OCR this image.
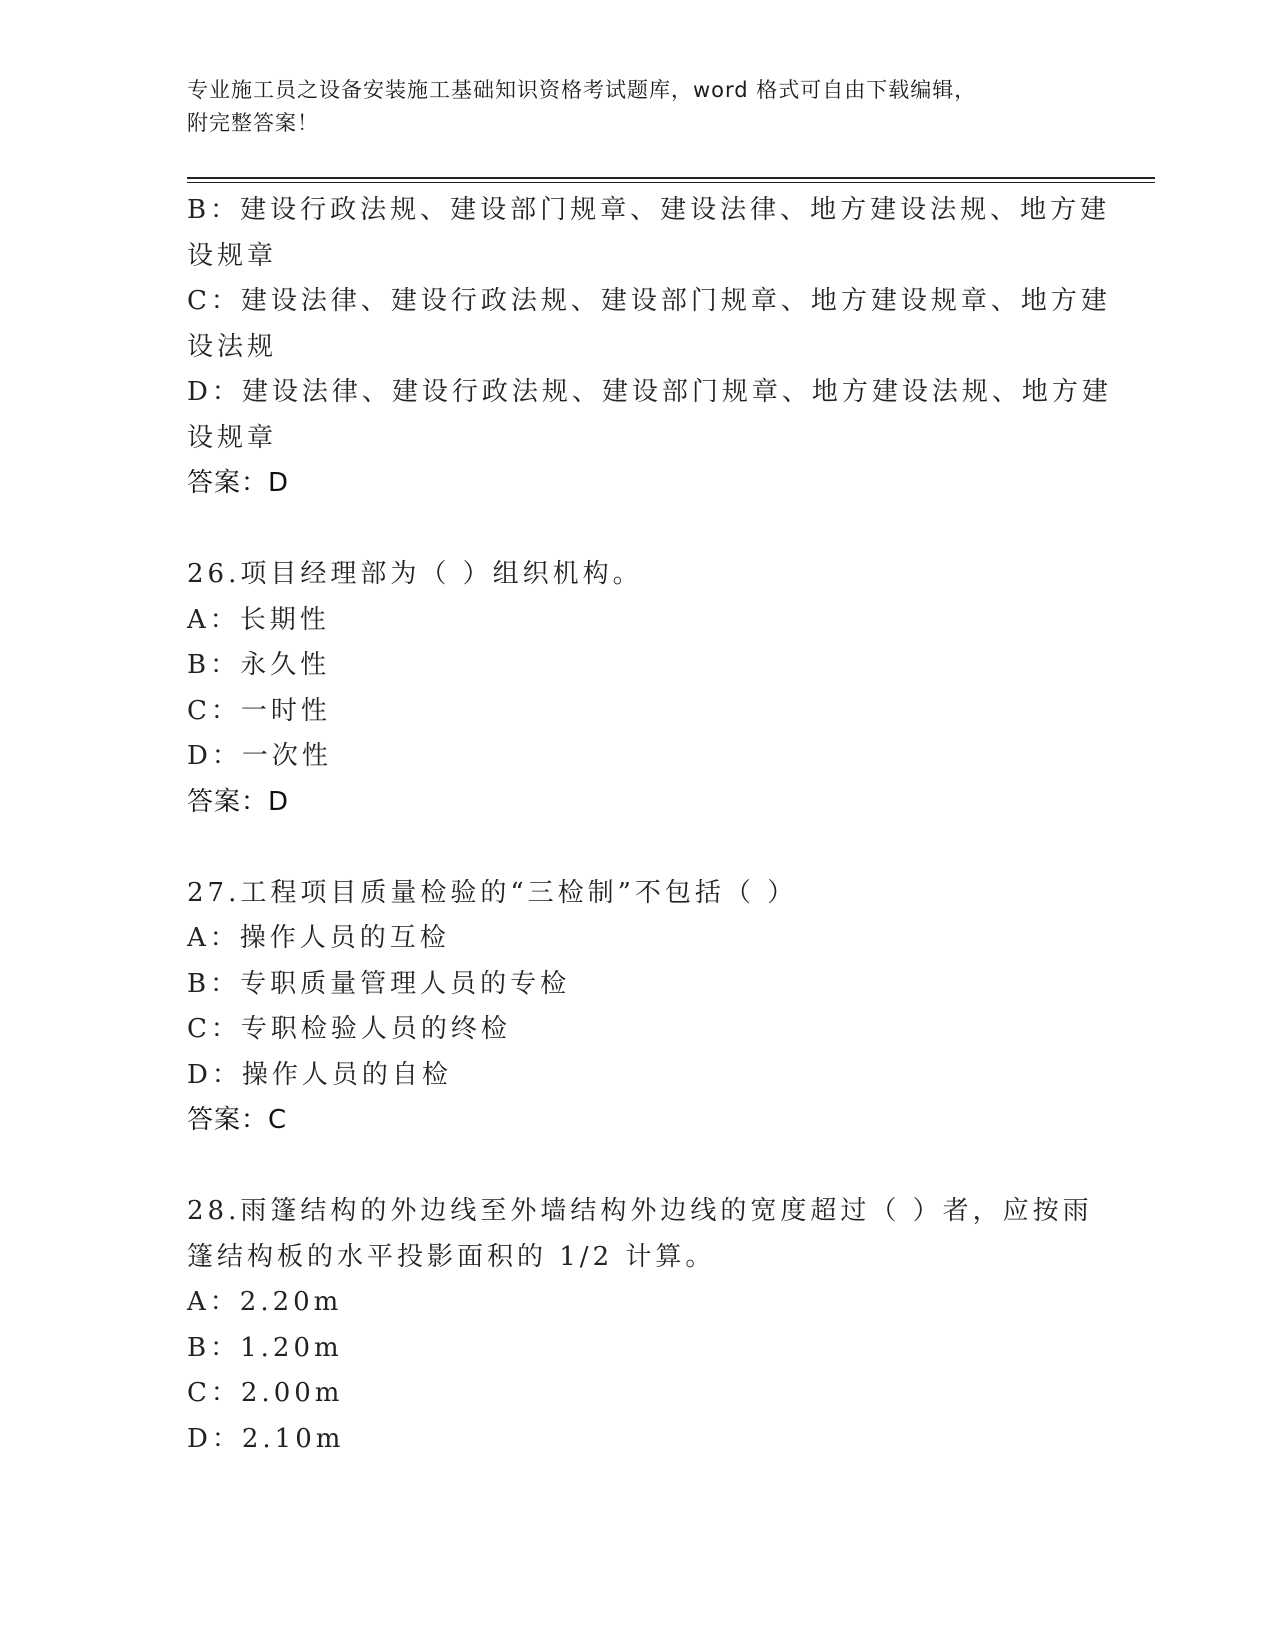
专业施工员之设备安装施工基础知识资格考试题库，word 格式可自由下载编辑，
附完整答案！
B：建设行政法规、建设部门规章、建设法律、地方建设法规、地方建
设规章
C：建设法律、建设行政法规、建设部门规章、地方建设规章、地方建
设法规
D：建设法律、建设行政法规、建设部门规章、地方建设法规、地方建
设规章
答案：D
26.项目经理部为（ ）组织机构。
A：长期性
B：永久性
C：一时性
D：一次性
答案：D
27.工程项目质量检验的“三检制”不包括（ ）
A：操作人员的互检
B：专职质量管理人员的专检
C：专职检验人员的终检
D：操作人员的自检
答案：C
28.雨篷结构的外边线至外墙结构外边线的宽度超过（ ）者，应按雨
篷结构板的水平投影面积的 1/2 计算。
A：2.20m
B：1.20m
C：2.00m
D：2.10m
